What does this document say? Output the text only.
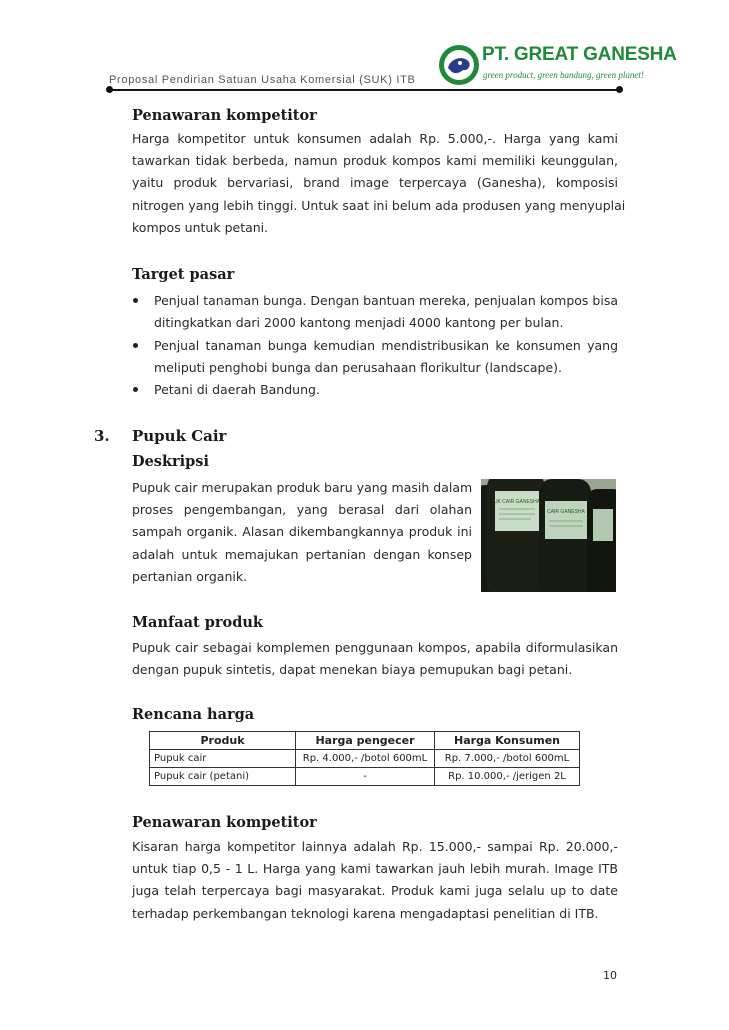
Proposal Pendirian Satuan Usaha Komersial (SUK) ITB
PT. GREAT GANESHA
green product, green bandung, green planet!
Penawaran kompetitor
Harga kompetitor untuk konsumen adalah Rp. 5.000,-. Harga yang kami
tawarkan tidak berbeda, namun produk kompos kami memiliki keunggulan,
yaitu produk bervariasi, brand image terpercaya (Ganesha), komposisi
nitrogen yang lebih tinggi. Untuk saat ini belum ada produsen yang menyuplai
kompos untuk petani.
Target pasar
Penjual tanaman bunga. Dengan bantuan mereka, penjualan kompos bisa
ditingkatkan dari 2000 kantong menjadi 4000 kantong per bulan.
Penjual tanaman bunga kemudian mendistribusikan ke konsumen yang
meliputi penghobi bunga dan perusahaan florikultur (landscape).
Petani di daerah Bandung.
3. Pupuk Cair
Deskripsi
Pupuk cair merupakan produk baru yang masih dalam
proses pengembangan, yang berasal dari olahan
sampah organik. Alasan dikembangkannya produk ini
adalah untuk memajukan pertanian dengan konsep
pertanian organik.
UK CAIR GANESHA
CAIR GANESHA
Manfaat produk
Pupuk cair sebagai komplemen penggunaan kompos, apabila diformulasikan
dengan pupuk sintetis, dapat menekan biaya pemupukan bagi petani.
Rencana harga
Produk	Harga pengecer	Harga Konsumen
Pupuk cair	Rp. 4.000,- /botol 600mL	Rp. 7.000,- /botol 600mL
Pupuk cair (petani)	-	Rp. 10.000,- /jerigen 2L
Penawaran kompetitor
Kisaran harga kompetitor lainnya adalah Rp. 15.000,- sampai Rp. 20.000,-
untuk tiap 0,5 - 1 L. Harga yang kami tawarkan jauh lebih murah. Image ITB
juga telah terpercaya bagi masyarakat. Produk kami juga selalu up to date
terhadap perkembangan teknologi karena mengadaptasi penelitian di ITB.
10
